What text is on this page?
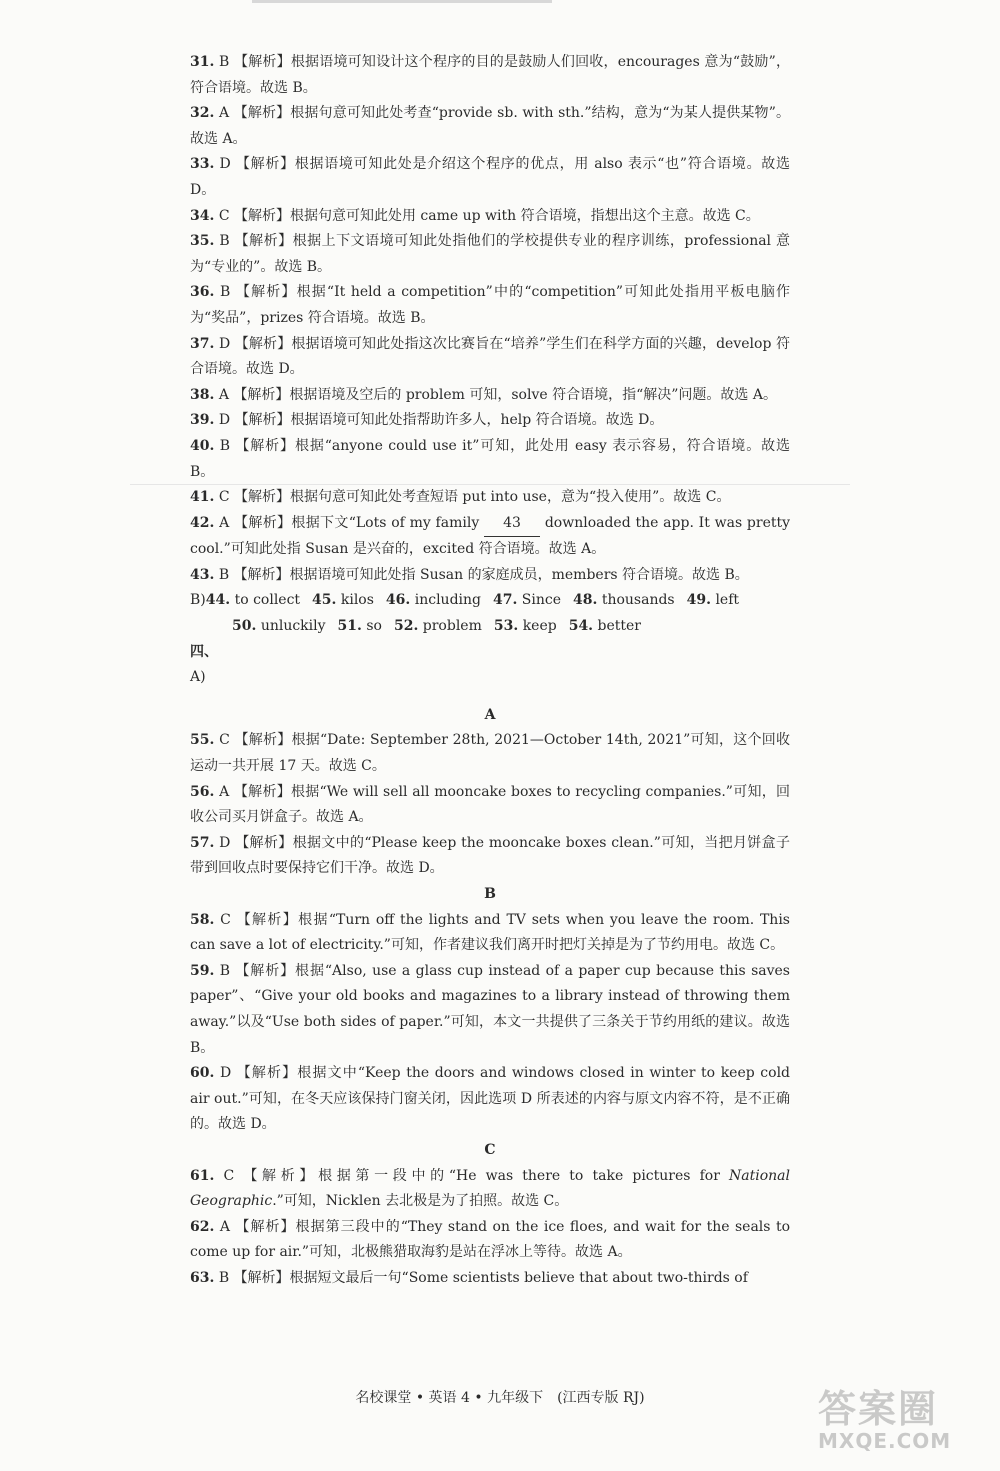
31. B 【解析】根据语境可知设计这个程序的目的是鼓励人们回收，encourages 意为“鼓励”，符合语境。故选 B。

32. A 【解析】根据句意可知此处考查“provide sb. with sth.”结构，意为“为某人提供某物”。故选 A。

33. D 【解析】根据语境可知此处是介绍这个程序的优点，用 also 表示“也”符合语境。故选 D。

34. C 【解析】根据句意可知此处用 came up with 符合语境，指想出这个主意。故选 C。

35. B 【解析】根据上下文语境可知此处指他们的学校提供专业的程序训练，professional 意为“专业的”。故选 B。

36. B 【解析】根据“It held a competition”中的“competition”可知此处指用平板电脑作为“奖品”，prizes 符合语境。故选 B。

37. D 【解析】根据语境可知此处指这次比赛旨在“培养”学生们在科学方面的兴趣，develop 符合语境。故选 D。

38. A 【解析】根据语境及空后的 problem 可知，solve 符合语境，指“解决”问题。故选 A。

39. D 【解析】根据语境可知此处指帮助许多人，help 符合语境。故选 D。

40. B 【解析】根据“anyone could use it”可知，此处用 easy 表示容易，符合语境。故选 B。

41. C 【解析】根据句意可知此处考查短语 put into use，意为“投入使用”。故选 C。

42. A 【解析】根据下文“Lots of my family 43 downloaded the app. It was pretty cool.”可知此处指 Susan 是兴奋的，excited 符合语境。故选 A。

43. B 【解析】根据语境可知此处指 Susan 的家庭成员，members 符合语境。故选 B。

B)44. to collect 45. kilos 46. including 47. Since 48. thousands 49. left

50. unluckily 51. so 52. problem 53. keep 54. better

四、

A)

A

55. C 【解析】根据“Date: September 28th, 2021—October 14th, 2021”可知，这个回收运动一共开展 17 天。故选 C。

56. A 【解析】根据“We will sell all mooncake boxes to recycling companies.”可知，回收公司买月饼盒子。故选 A。

57. D 【解析】根据文中的“Please keep the mooncake boxes clean.”可知，当把月饼盒子带到回收点时要保持它们干净。故选 D。

B

58. C 【解析】根据“Turn off the lights and TV sets when you leave the room. This can save a lot of electricity.”可知，作者建议我们离开时把灯关掉是为了节约用电。故选 C。

59. B 【解析】根据“Also, use a glass cup instead of a paper cup because this saves paper”、“Give your old books and magazines to a library instead of throwing them away.”以及“Use both sides of paper.”可知，本文一共提供了三条关于节约用纸的建议。故选 B。

60. D 【解析】根据文中“Keep the doors and windows closed in winter to keep cold air out.”可知，在冬天应该保持门窗关闭，因此选项 D 所表述的内容与原文内容不符，是不正确的。故选 D。

C

61. C 【解析】根据第一段中的“He was there to take pictures for National Geographic.”可知，Nicklen 去北极是为了拍照。故选 C。

62. A 【解析】根据第三段中的“They stand on the ice floes, and wait for the seals to come up for air.”可知，北极熊猎取海豹是站在浮冰上等待。故选 A。

63. B 【解析】根据短文最后一句“Some scientists believe that about two-thirds of

名校课堂 • 英语 4 • 九年级下　(江西专版 RJ)	答案圈
MXQE.COM
